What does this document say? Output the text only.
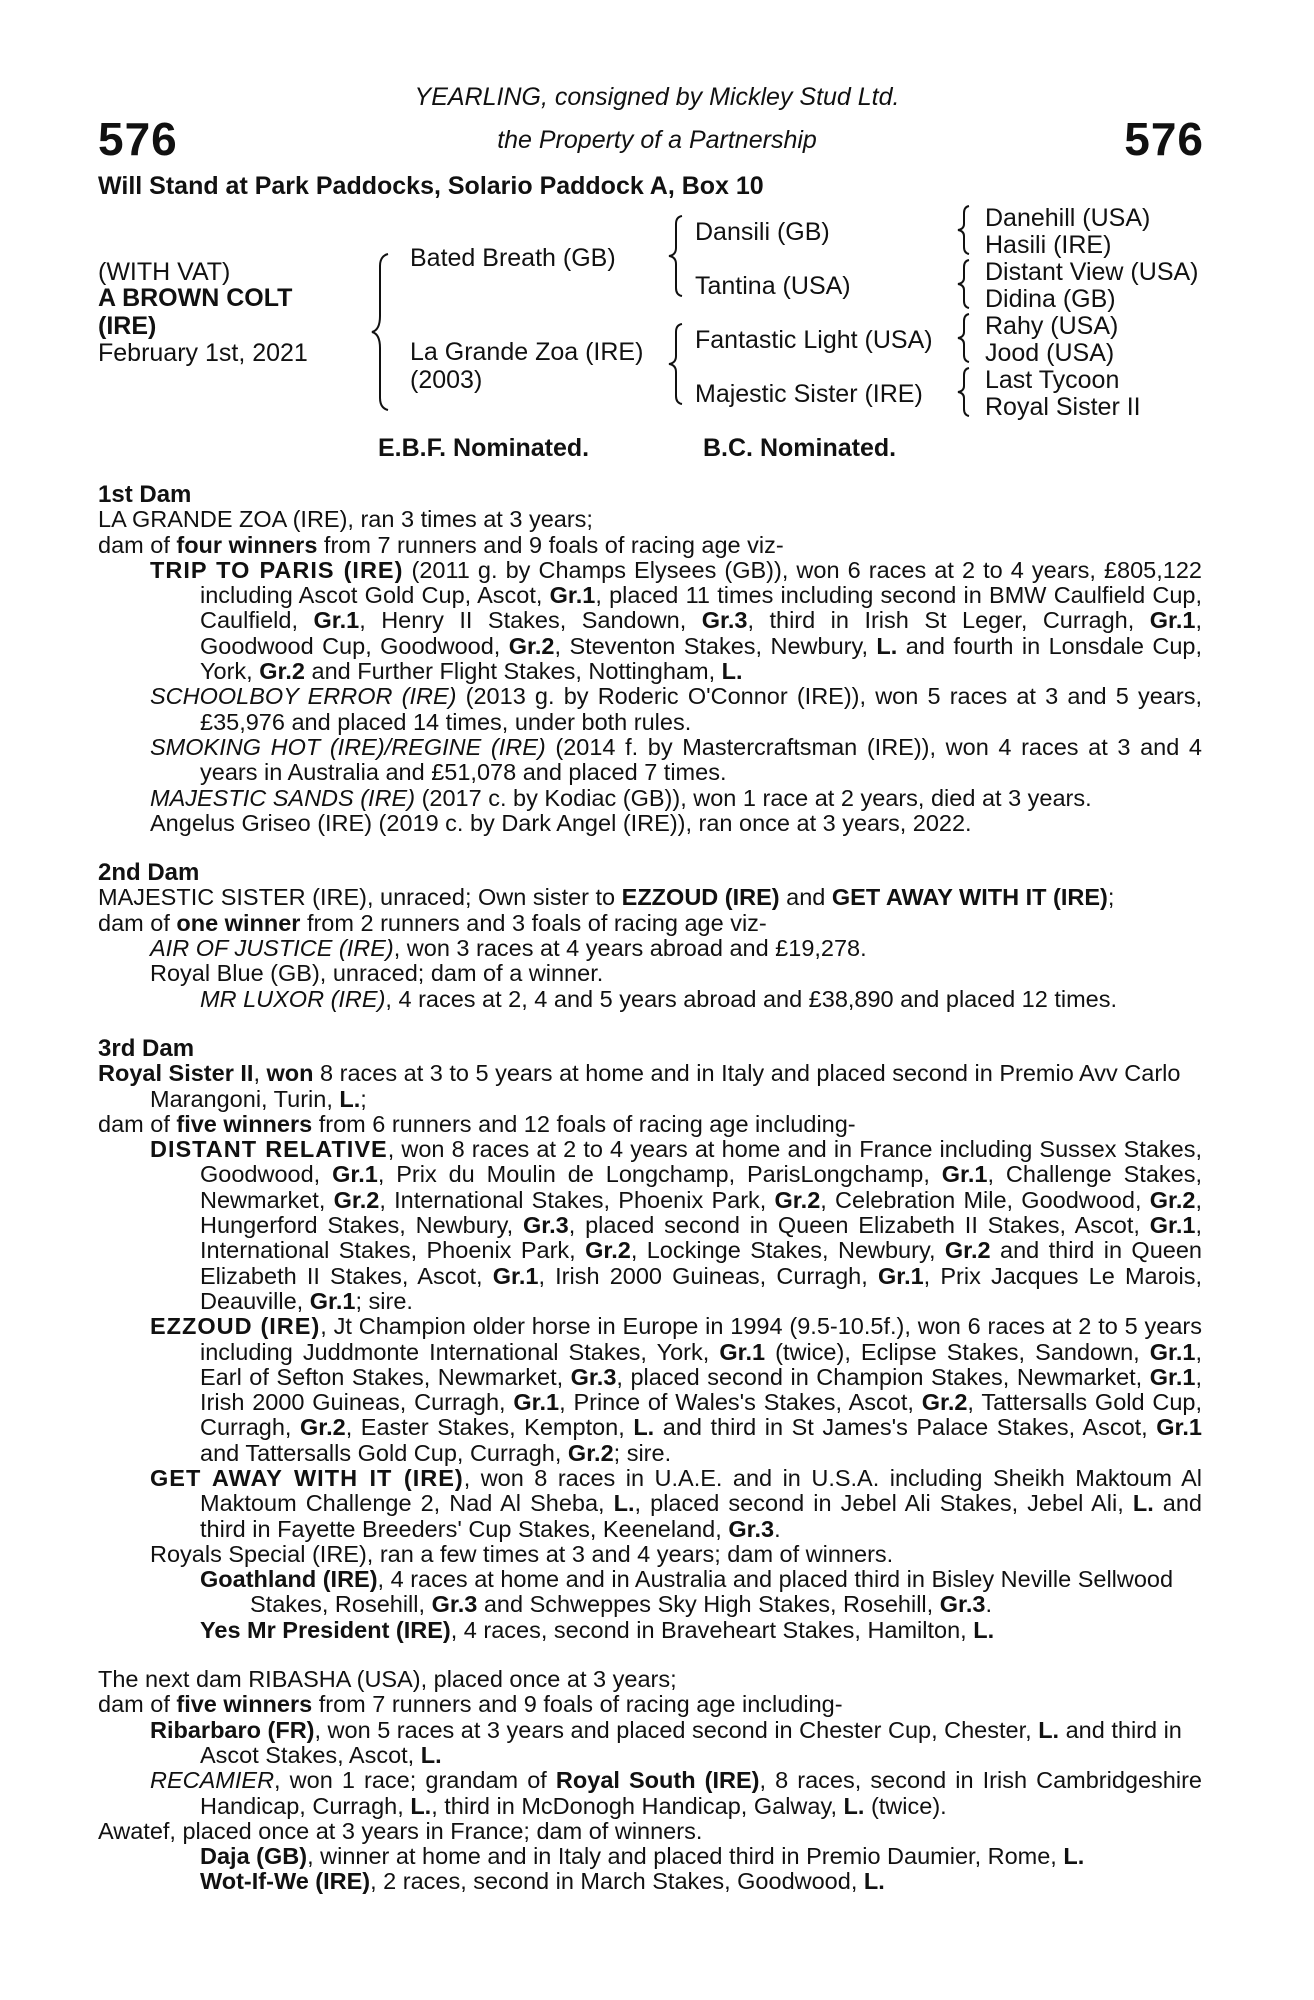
576	576
YEARLING, consigned by Mickley Stud Ltd.
the Property of a Partnership
Will Stand at Park Paddocks, Solario Paddock A, Box 10
(WITH VAT)
A BROWN COLT
(IRE)
February 1st, 2021
Bated Breath (GB)
La Grande Zoa (IRE)
(2003)
Dansili (GB)
Tantina (USA)
Fantastic Light (USA)
Majestic Sister (IRE)
Danehill (USA)
Hasili (IRE)
Distant View (USA)
Didina (GB)
Rahy (USA)
Jood (USA)
Last Tycoon
Royal Sister II
E.B.F. Nominated.	B.C. Nominated.

1st Dam

LA GRANDE ZOA (IRE), ran 3 times at 3 years;

dam of four winners from 7 runners and 9 foals of racing age viz-

TRIP TO PARIS (IRE) (2011 g. by Champs Elysees (GB)), won 6 races at 2 to 4 years, £805,122 including Ascot Gold Cup, Ascot, Gr.1, placed 11 times including second in BMW Caulfield Cup, Caulfield, Gr.1, Henry II Stakes, Sandown, Gr.3, third in Irish St Leger, Curragh, Gr.1, Goodwood Cup, Goodwood, Gr.2, Steventon Stakes, Newbury, L. and fourth in Lonsdale Cup, York, Gr.2 and Further Flight Stakes, Nottingham, L.

SCHOOLBOY ERROR (IRE) (2013 g. by Roderic O'Connor (IRE)), won 5 races at 3 and 5 years, £35,976 and placed 14 times, under both rules.

SMOKING HOT (IRE)/REGINE (IRE) (2014 f. by Mastercraftsman (IRE)), won 4 races at 3 and 4 years in Australia and £51,078 and placed 7 times.

MAJESTIC SANDS (IRE) (2017 c. by Kodiac (GB)), won 1 race at 2 years, died at 3 years.

Angelus Griseo (IRE) (2019 c. by Dark Angel (IRE)), ran once at 3 years, 2022.

2nd Dam

MAJESTIC SISTER (IRE), unraced; Own sister to EZZOUD (IRE) and GET AWAY WITH IT (IRE);

dam of one winner from 2 runners and 3 foals of racing age viz-

AIR OF JUSTICE (IRE), won 3 races at 4 years abroad and £19,278.

Royal Blue (GB), unraced; dam of a winner.

MR LUXOR (IRE), 4 races at 2, 4 and 5 years abroad and £38,890 and placed 12 times.

3rd Dam

Royal Sister II, won 8 races at 3 to 5 years at home and in Italy and placed second in Premio Avv Carlo Marangoni, Turin, L.;

dam of five winners from 6 runners and 12 foals of racing age including-

DISTANT RELATIVE, won 8 races at 2 to 4 years at home and in France including Sussex Stakes, Goodwood, Gr.1, Prix du Moulin de Longchamp, ParisLongchamp, Gr.1, Challenge Stakes, Newmarket, Gr.2, International Stakes, Phoenix Park, Gr.2, Celebration Mile, Goodwood, Gr.2, Hungerford Stakes, Newbury, Gr.3, placed second in Queen Elizabeth II Stakes, Ascot, Gr.1, International Stakes, Phoenix Park, Gr.2, Lockinge Stakes, Newbury, Gr.2 and third in Queen Elizabeth II Stakes, Ascot, Gr.1, Irish 2000 Guineas, Curragh, Gr.1, Prix Jacques Le Marois, Deauville, Gr.1; sire.

EZZOUD (IRE), Jt Champion older horse in Europe in 1994 (9.5-10.5f.), won 6 races at 2 to 5 years including Juddmonte International Stakes, York, Gr.1 (twice), Eclipse Stakes, Sandown, Gr.1, Earl of Sefton Stakes, Newmarket, Gr.3, placed second in Champion Stakes, Newmarket, Gr.1, Irish 2000 Guineas, Curragh, Gr.1, Prince of Wales's Stakes, Ascot, Gr.2, Tattersalls Gold Cup, Curragh, Gr.2, Easter Stakes, Kempton, L. and third in St James's Palace Stakes, Ascot, Gr.1 and Tattersalls Gold Cup, Curragh, Gr.2; sire.

GET AWAY WITH IT (IRE), won 8 races in U.A.E. and in U.S.A. including Sheikh Maktoum Al Maktoum Challenge 2, Nad Al Sheba, L., placed second in Jebel Ali Stakes, Jebel Ali, L. and third in Fayette Breeders' Cup Stakes, Keeneland, Gr.3.

Royals Special (IRE), ran a few times at 3 and 4 years; dam of winners.

Goathland (IRE), 4 races at home and in Australia and placed third in Bisley Neville Sellwood Stakes, Rosehill, Gr.3 and Schweppes Sky High Stakes, Rosehill, Gr.3.

Yes Mr President (IRE), 4 races, second in Braveheart Stakes, Hamilton, L.

The next dam RIBASHA (USA), placed once at 3 years;

dam of five winners from 7 runners and 9 foals of racing age including-

Ribarbaro (FR), won 5 races at 3 years and placed second in Chester Cup, Chester, L. and third in Ascot Stakes, Ascot, L.

RECAMIER, won 1 race; grandam of Royal South (IRE), 8 races, second in Irish Cambridgeshire Handicap, Curragh, L., third in McDonogh Handicap, Galway, L. (twice).

Awatef, placed once at 3 years in France; dam of winners.

Daja (GB), winner at home and in Italy and placed third in Premio Daumier, Rome, L.

Wot-If-We (IRE), 2 races, second in March Stakes, Goodwood, L.
